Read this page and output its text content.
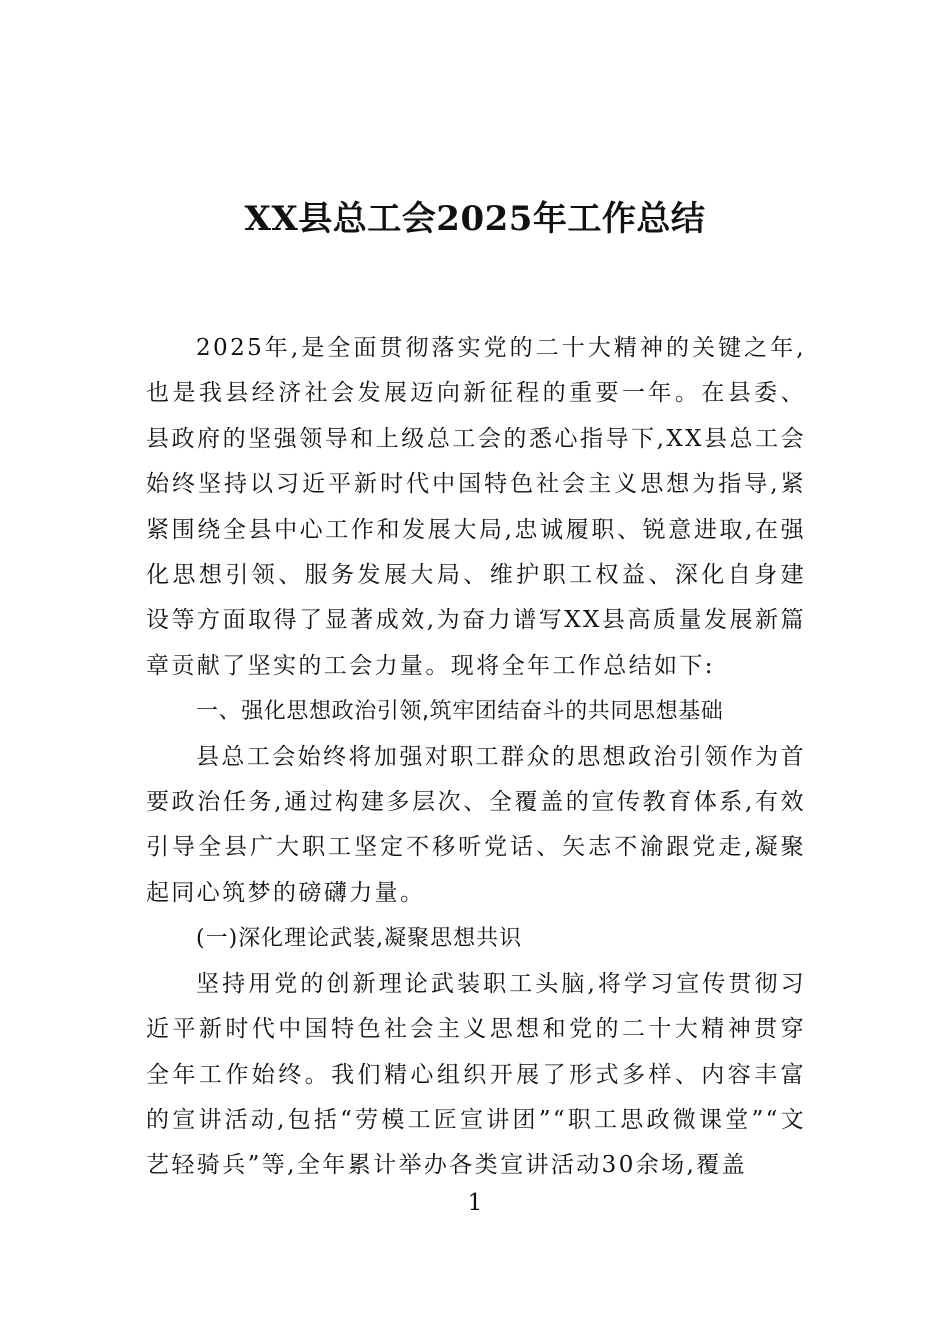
XX县总工会2025年工作总结

2025年,是全面贯彻落实党的二十大精神的关键之年,也是我县经济社会发展迈向新征程的重要一年。在县委、县政府的坚强领导和上级总工会的悉心指导下,XX县总工会始终坚持以习近平新时代中国特色社会主义思想为指导,紧紧围绕全县中心工作和发展大局,忠诚履职、锐意进取,在强化思想引领、服务发展大局、维护职工权益、深化自身建设等方面取得了显著成效,为奋力谱写XX县高质量发展新篇章贡献了坚实的工会力量。现将全年工作总结如下:

一、强化思想政治引领,筑牢团结奋斗的共同思想基础

县总工会始终将加强对职工群众的思想政治引领作为首要政治任务,通过构建多层次、全覆盖的宣传教育体系,有效引导全县广大职工坚定不移听党话、矢志不渝跟党走,凝聚起同心筑梦的磅礴力量。

(一)深化理论武装,凝聚思想共识

坚持用党的创新理论武装职工头脑,将学习宣传贯彻习近平新时代中国特色社会主义思想和党的二十大精神贯穿全年工作始终。我们精心组织开展了形式多样、内容丰富的宣讲活动,包括“劳模工匠宣讲团”“职工思政微课堂”“文艺轻骑兵”等,全年累计举办各类宣讲活动30余场,覆盖

1
